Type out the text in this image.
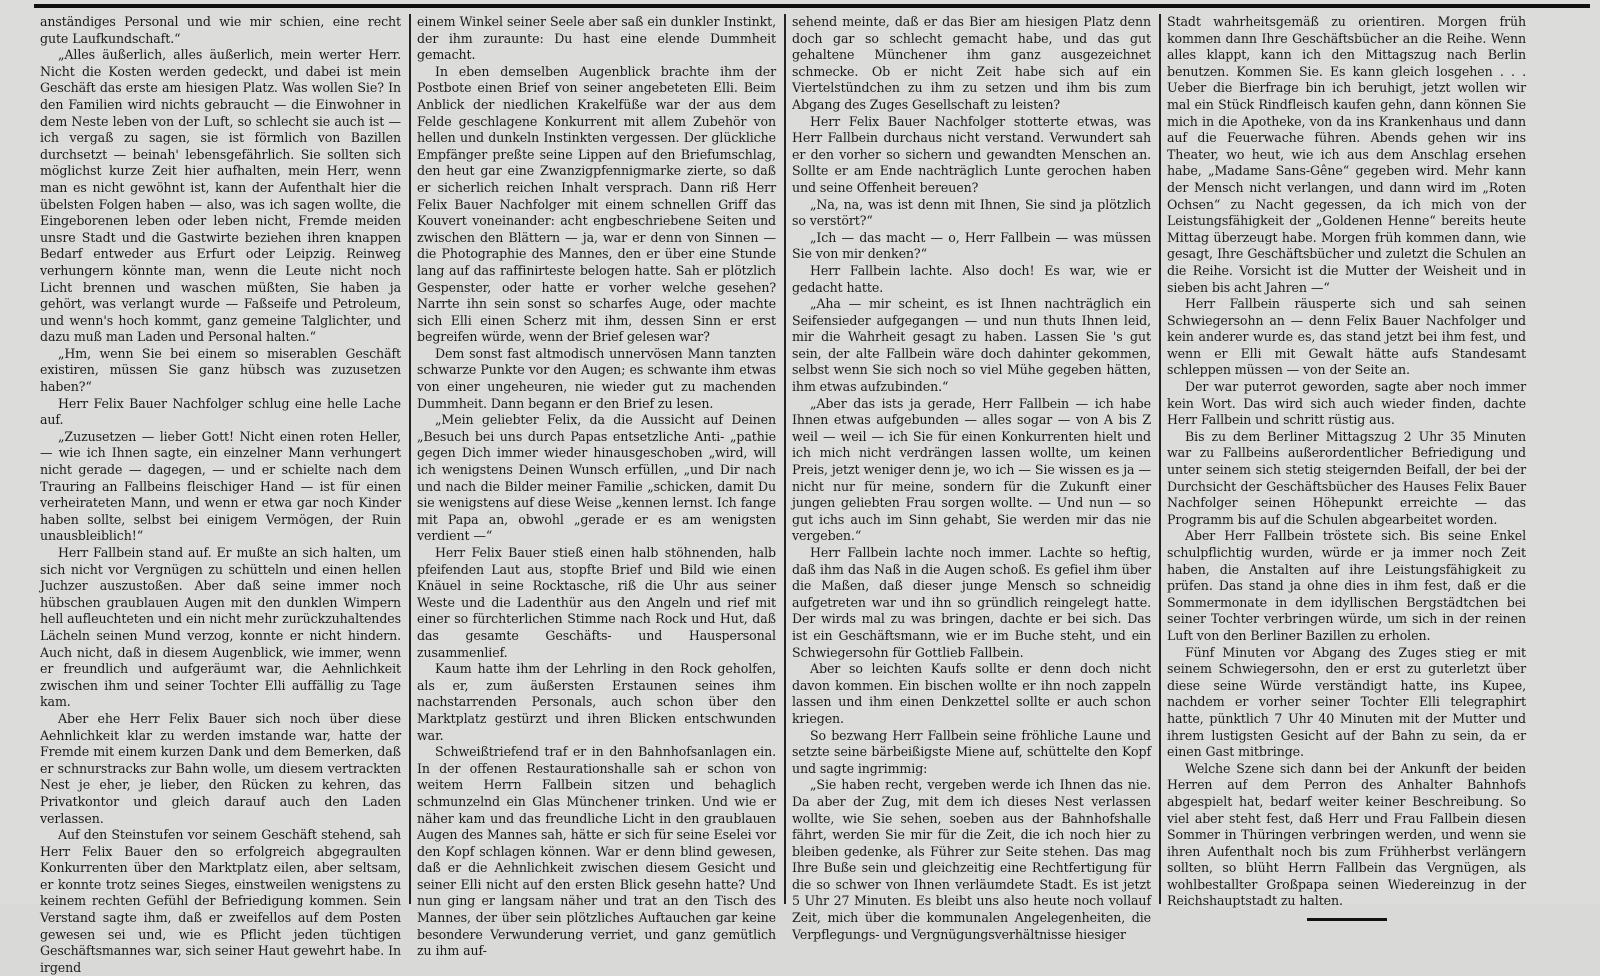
anständiges Personal und wie mir schien, eine recht gute Laufkundschaft.“

„Alles äußerlich, alles äußerlich, mein werter Herr. Nicht die Kosten werden gedeckt, und dabei ist mein Geschäft das erste am hiesigen Platz. Was wollen Sie? In den Familien wird nichts gebraucht — die Einwohner in dem Neste leben von der Luft, so schlecht sie auch ist — ich vergaß zu sagen, sie ist förmlich von Bazillen durchsetzt — beinah' lebensgefährlich. Sie sollten sich möglichst kurze Zeit hier aufhalten, mein Herr, wenn man es nicht gewöhnt ist, kann der Aufenthalt hier die übelsten Folgen haben — also, was ich sagen wollte, die Eingeborenen leben oder leben nicht, Fremde meiden unsre Stadt und die Gastwirte beziehen ihren knappen Bedarf entweder aus Erfurt oder Leipzig. Reinweg verhungern könnte man, wenn die Leute nicht noch Licht brennen und waschen müßten, Sie haben ja gehört, was verlangt wurde — Faßseife und Petroleum, und wenn's hoch kommt, ganz gemeine Talglichter, und dazu muß man Laden und Personal halten.“

„Hm, wenn Sie bei einem so miserablen Geschäft existiren, müssen Sie ganz hübsch was zuzusetzen haben?“

Herr Felix Bauer Nachfolger schlug eine helle Lache auf.

„Zuzusetzen — lieber Gott! Nicht einen roten Heller, — wie ich Ihnen sagte, ein einzelner Mann verhungert nicht gerade — dagegen, — und er schielte nach dem Trauring an Fallbeins fleischiger Hand — ist für einen verheirateten Mann, und wenn er etwa gar noch Kinder haben sollte, selbst bei einigem Vermögen, der Ruin unausbleiblich!“

Herr Fallbein stand auf. Er mußte an sich halten, um sich nicht vor Vergnügen zu schütteln und einen hellen Juchzer auszustoßen. Aber daß seine immer noch hübschen graublauen Augen mit den dunklen Wimpern hell aufleuchteten und ein nicht mehr zurückzuhaltendes Lächeln seinen Mund verzog, konnte er nicht hindern. Auch nicht, daß in diesem Augenblick, wie immer, wenn er freundlich und aufgeräumt war, die Aehnlichkeit zwischen ihm und seiner Tochter Elli auffällig zu Tage kam.

Aber ehe Herr Felix Bauer sich noch über diese Aehnlichkeit klar zu werden imstande war, hatte der Fremde mit einem kurzen Dank und dem Bemerken, daß er schnurstracks zur Bahn wolle, um diesem vertrackten Nest je eher, je lieber, den Rücken zu kehren, das Privatkontor und gleich darauf auch den Laden verlassen.

Auf den Steinstufen vor seinem Geschäft stehend, sah Herr Felix Bauer den so erfolgreich abgegraulten Konkurrenten über den Marktplatz eilen, aber seltsam, er konnte trotz seines Sieges, einstweilen wenigstens zu keinem rechten Gefühl der Befriedigung kommen. Sein Verstand sagte ihm, daß er zweifellos auf dem Posten gewesen sei und, wie es Pflicht jeden tüchtigen Geschäftsmannes war, sich seiner Haut gewehrt habe. In irgend

einem Winkel seiner Seele aber saß ein dunkler Instinkt, der ihm zuraunte: Du hast eine elende Dummheit gemacht.

In eben demselben Augenblick brachte ihm der Postbote einen Brief von seiner angebeteten Elli. Beim Anblick der niedlichen Krakelfüße war der aus dem Felde geschlagene Konkurrent mit allem Zubehör von hellen und dunkeln Instinkten vergessen. Der glückliche Empfänger preßte seine Lippen auf den Briefumschlag, den heut gar eine Zwanzigpfennigmarke zierte, so daß er sicherlich reichen Inhalt versprach. Dann riß Herr Felix Bauer Nachfolger mit einem schnellen Griff das Kouvert voneinander: acht engbeschriebene Seiten und zwischen den Blättern — ja, war er denn von Sinnen — die Photographie des Mannes, den er über eine Stunde lang auf das raffinirteste belogen hatte. Sah er plötzlich Gespenster, oder hatte er vorher welche gesehen? Narrte ihn sein sonst so scharfes Auge, oder machte sich Elli einen Scherz mit ihm, dessen Sinn er erst begreifen würde, wenn der Brief gelesen war?

Dem sonst fast altmodisch unnervösen Mann tanzten schwarze Punkte vor den Augen; es schwante ihm etwas von einer ungeheuren, nie wieder gut zu machenden Dummheit. Dann begann er den Brief zu lesen.

„Mein geliebter Felix, da die Aussicht auf Deinen „Besuch bei uns durch Papas entsetzliche Anti- „pathie gegen Dich immer wieder hinausgeschoben „wird, will ich wenigstens Deinen Wunsch erfüllen, „und Dir nach und nach die Bilder meiner Familie „schicken, damit Du sie wenigstens auf diese Weise „kennen lernst. Ich fange mit Papa an, obwohl „gerade er es am wenigsten verdient —“

Herr Felix Bauer stieß einen halb stöhnenden, halb pfeifenden Laut aus, stopfte Brief und Bild wie einen Knäuel in seine Rocktasche, riß die Uhr aus seiner Weste und die Ladenthür aus den Angeln und rief mit einer so fürchterlichen Stimme nach Rock und Hut, daß das gesamte Geschäfts- und Hauspersonal zusammenlief.

Kaum hatte ihm der Lehrling in den Rock geholfen, als er, zum äußersten Erstaunen seines ihm nachstarrenden Personals, auch schon über den Marktplatz gestürzt und ihren Blicken entschwunden war.

Schweißtriefend traf er in den Bahnhofsanlagen ein. In der offenen Restaurationshalle sah er schon von weitem Herrn Fallbein sitzen und behaglich schmunzelnd ein Glas Münchener trinken. Und wie er näher kam und das freundliche Licht in den graublauen Augen des Mannes sah, hätte er sich für seine Eselei vor den Kopf schlagen können. War er denn blind gewesen, daß er die Aehnlichkeit zwischen diesem Gesicht und seiner Elli nicht auf den ersten Blick gesehn hatte? Und nun ging er langsam näher und trat an den Tisch des Mannes, der über sein plötzliches Auftauchen gar keine besondere Verwunderung verriet, und ganz gemütlich zu ihm auf-

sehend meinte, daß er das Bier am hiesigen Platz denn doch gar so schlecht gemacht habe, und das gut gehaltene Münchener ihm ganz ausgezeichnet schmecke. Ob er nicht Zeit habe sich auf ein Viertelstündchen zu ihm zu setzen und ihm bis zum Abgang des Zuges Gesellschaft zu leisten?

Herr Felix Bauer Nachfolger stotterte etwas, was Herr Fallbein durchaus nicht verstand. Verwundert sah er den vorher so sichern und gewandten Menschen an. Sollte er am Ende nachträglich Lunte gerochen haben und seine Offenheit bereuen?

„Na, na, was ist denn mit Ihnen, Sie sind ja plötzlich so verstört?“

„Ich — das macht — o, Herr Fallbein — was müssen Sie von mir denken?“

Herr Fallbein lachte. Also doch! Es war, wie er gedacht hatte.

„Aha — mir scheint, es ist Ihnen nachträglich ein Seifensieder aufgegangen — und nun thuts Ihnen leid, mir die Wahrheit gesagt zu haben. Lassen Sie 's gut sein, der alte Fallbein wäre doch dahinter gekommen, selbst wenn Sie sich noch so viel Mühe gegeben hätten, ihm etwas aufzubinden.“

„Aber das ists ja gerade, Herr Fallbein — ich habe Ihnen etwas aufgebunden — alles sogar — von A bis Z weil — weil — ich Sie für einen Konkurrenten hielt und ich mich nicht verdrängen lassen wollte, um keinen Preis, jetzt weniger denn je, wo ich — Sie wissen es ja — nicht nur für meine, sondern für die Zukunft einer jungen geliebten Frau sorgen wollte. — Und nun — so gut ichs auch im Sinn gehabt, Sie werden mir das nie vergeben.“

Herr Fallbein lachte noch immer. Lachte so heftig, daß ihm das Naß in die Augen schoß. Es gefiel ihm über die Maßen, daß dieser junge Mensch so schneidig aufgetreten war und ihn so gründlich reingelegt hatte. Der wirds mal zu was bringen, dachte er bei sich. Das ist ein Geschäftsmann, wie er im Buche steht, und ein Schwiegersohn für Gottlieb Fallbein.

Aber so leichten Kaufs sollte er denn doch nicht davon kommen. Ein bischen wollte er ihn noch zappeln lassen und ihm einen Denkzettel sollte er auch schon kriegen.

So bezwang Herr Fallbein seine fröhliche Laune und setzte seine bärbeißigste Miene auf, schüttelte den Kopf und sagte ingrimmig:

„Sie haben recht, vergeben werde ich Ihnen das nie. Da aber der Zug, mit dem ich dieses Nest verlassen wollte, wie Sie sehen, soeben aus der Bahnhofshalle fährt, werden Sie mir für die Zeit, die ich noch hier zu bleiben gedenke, als Führer zur Seite stehen. Das mag Ihre Buße sein und gleichzeitig eine Rechtfertigung für die so schwer von Ihnen verläumdete Stadt. Es ist jetzt 5 Uhr 27 Minuten. Es bleibt uns also heute noch vollauf Zeit, mich über die kommunalen Angelegenheiten, die Verpflegungs- und Vergnügungsverhältnisse hiesiger

Stadt wahrheitsgemäß zu orientiren. Morgen früh kommen dann Ihre Geschäftsbücher an die Reihe. Wenn alles klappt, kann ich den Mittagszug nach Berlin benutzen. Kommen Sie. Es kann gleich losgehen . . . Ueber die Bierfrage bin ich beruhigt, jetzt wollen wir mal ein Stück Rindfleisch kaufen gehn, dann können Sie mich in die Apotheke, von da ins Krankenhaus und dann auf die Feuerwache führen. Abends gehen wir ins Theater, wo heut, wie ich aus dem Anschlag ersehen habe, „Madame Sans-Gêne“ gegeben wird. Mehr kann der Mensch nicht verlangen, und dann wird im „Roten Ochsen“ zu Nacht gegessen, da ich mich von der Leistungsfähigkeit der „Goldenen Henne“ bereits heute Mittag überzeugt habe. Morgen früh kommen dann, wie gesagt, Ihre Geschäftsbücher und zuletzt die Schulen an die Reihe. Vorsicht ist die Mutter der Weisheit und in sieben bis acht Jahren —“

Herr Fallbein räusperte sich und sah seinen Schwiegersohn an — denn Felix Bauer Nachfolger und kein anderer wurde es, das stand jetzt bei ihm fest, und wenn er Elli mit Gewalt hätte aufs Standesamt schleppen müssen — von der Seite an.

Der war puterrot geworden, sagte aber noch immer kein Wort. Das wird sich auch wieder finden, dachte Herr Fallbein und schritt rüstig aus.

Bis zu dem Berliner Mittagszug 2 Uhr 35 Minuten war zu Fallbeins außerordentlicher Befriedigung und unter seinem sich stetig steigernden Beifall, der bei der Durchsicht der Geschäftsbücher des Hauses Felix Bauer Nachfolger seinen Höhepunkt erreichte — das Programm bis auf die Schulen abgearbeitet worden.

Aber Herr Fallbein tröstete sich. Bis seine Enkel schulpflichtig wurden, würde er ja immer noch Zeit haben, die Anstalten auf ihre Leistungsfähigkeit zu prüfen. Das stand ja ohne dies in ihm fest, daß er die Sommermonate in dem idyllischen Bergstädtchen bei seiner Tochter verbringen würde, um sich in der reinen Luft von den Berliner Bazillen zu erholen.

Fünf Minuten vor Abgang des Zuges stieg er mit seinem Schwiegersohn, den er erst zu guterletzt über diese seine Würde verständigt hatte, ins Kupee, nachdem er vorher seiner Tochter Elli telegraphirt hatte, pünktlich 7 Uhr 40 Minuten mit der Mutter und ihrem lustigsten Gesicht auf der Bahn zu sein, da er einen Gast mitbringe.

Welche Szene sich dann bei der Ankunft der beiden Herren auf dem Perron des Anhalter Bahnhofs abgespielt hat, bedarf weiter keiner Beschreibung. So viel aber steht fest, daß Herr und Frau Fallbein diesen Sommer in Thüringen verbringen werden, und wenn sie ihren Aufenthalt noch bis zum Frühherbst verlängern sollten, so blüht Herrn Fallbein das Vergnügen, als wohlbestallter Großpapa seinen Wiedereinzug in der Reichshauptstadt zu halten.
